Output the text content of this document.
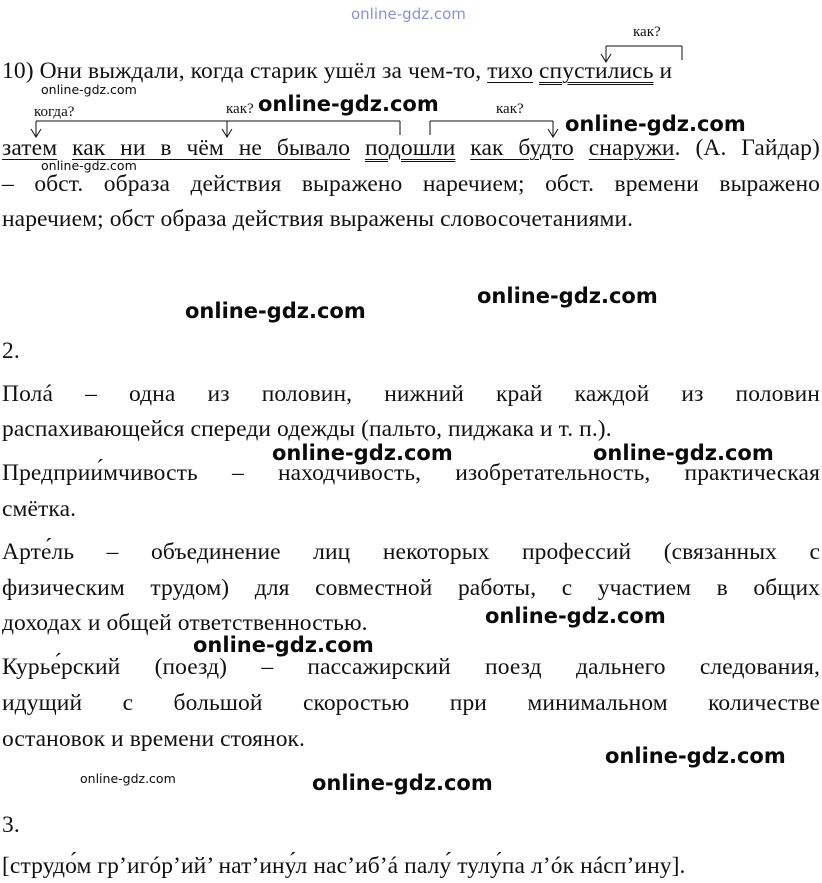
online-gdz.com
как?
10) Они выждали, когда старик ушёл за чем-то, тихо спустились и
online-gdz.com
когда?	как? online-gdz.com	как?
online-gdz.com
затем как ни в чём не бывало подошли как будто снаружи. (А. Гайдар)
online-gdz.com
– обст. образа действия выражено наречием; обст. времени выражено
наречием; обст образа действия выражены словосочетаниями.
online-gdz.com
online-gdz.com
2.
Полá – одна из половин, нижний край каждой из половин
распахивающейся спереди одежды (пальто, пиджака и т. п.).
online-gdz.com	online-gdz.com
Предприи́мчивость – находчивость, изобретательность, практическая
смётка.
Арте́ль – объединение лиц некоторых профессий (связанных с
физическим трудом) для совместной работы, с участием в общих
online-gdz.com
доходах и общей ответственностью.
online-gdz.com
Курье́рский (поезд) – пассажирский поезд дальнего следования,
идущий с большой скоростью при минимальном количестве
остановок и времени стоянок.
online-gdz.com
online-gdz.com	online-gdz.com
3.
[струдо́м гр’игóр’ий’ нат’ину́л нас’иб’á палу́ тулу́па л’óк нáсп’ину].
